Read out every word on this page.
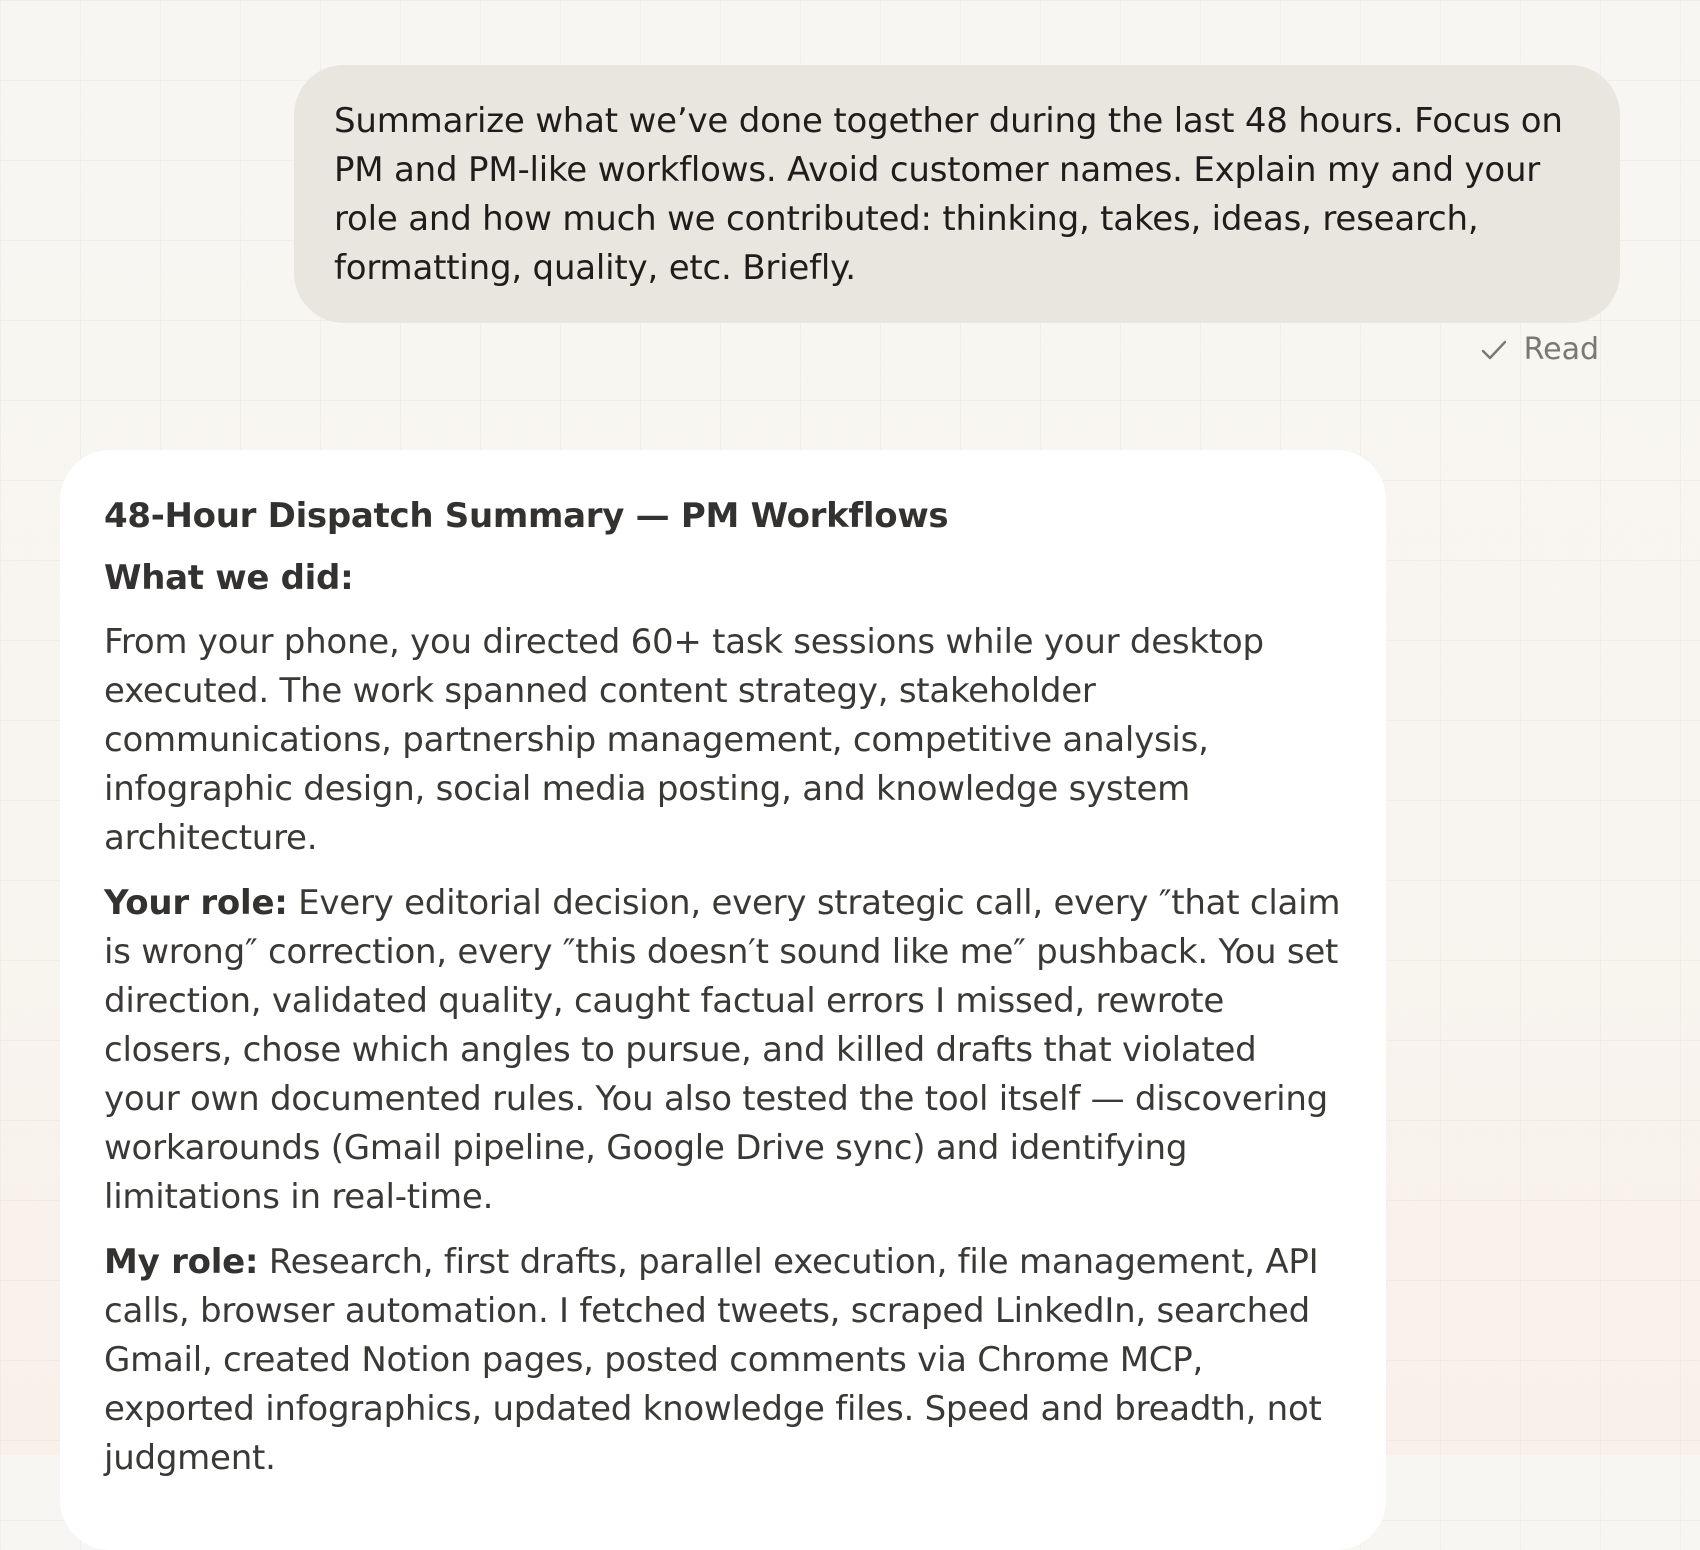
Summarize what we’ve done together during the last 48 hours. Focus on PM and PM-like workflows. Avoid customer names. Explain my and your role and how much we contributed: thinking, takes, ideas, research, formatting, quality, etc. Briefly.

Read
48-Hour Dispatch Summary — PM Workflows
What we did:

From your phone, you directed 60+ task sessions while your desktop executed. The work spanned content strategy, stakeholder communications, partnership management, competitive analysis, infographic design, social media posting, and knowledge system architecture.

Your role: Every editorial decision, every strategic call, every ″that claim is wrong″ correction, every ″this doesn′t sound like me″ pushback. You set direction, validated quality, caught factual errors I missed, rewrote closers, chose which angles to pursue, and killed drafts that violated your own documented rules. You also tested the tool itself — discovering workarounds (Gmail pipeline, Google Drive sync) and identifying limitations in real-time.

My role: Research, first drafts, parallel execution, file management, API calls, browser automation. I fetched tweets, scraped LinkedIn, searched Gmail, created Notion pages, posted comments via Chrome MCP, exported infographics, updated knowledge files. Speed and breadth, not judgment.
